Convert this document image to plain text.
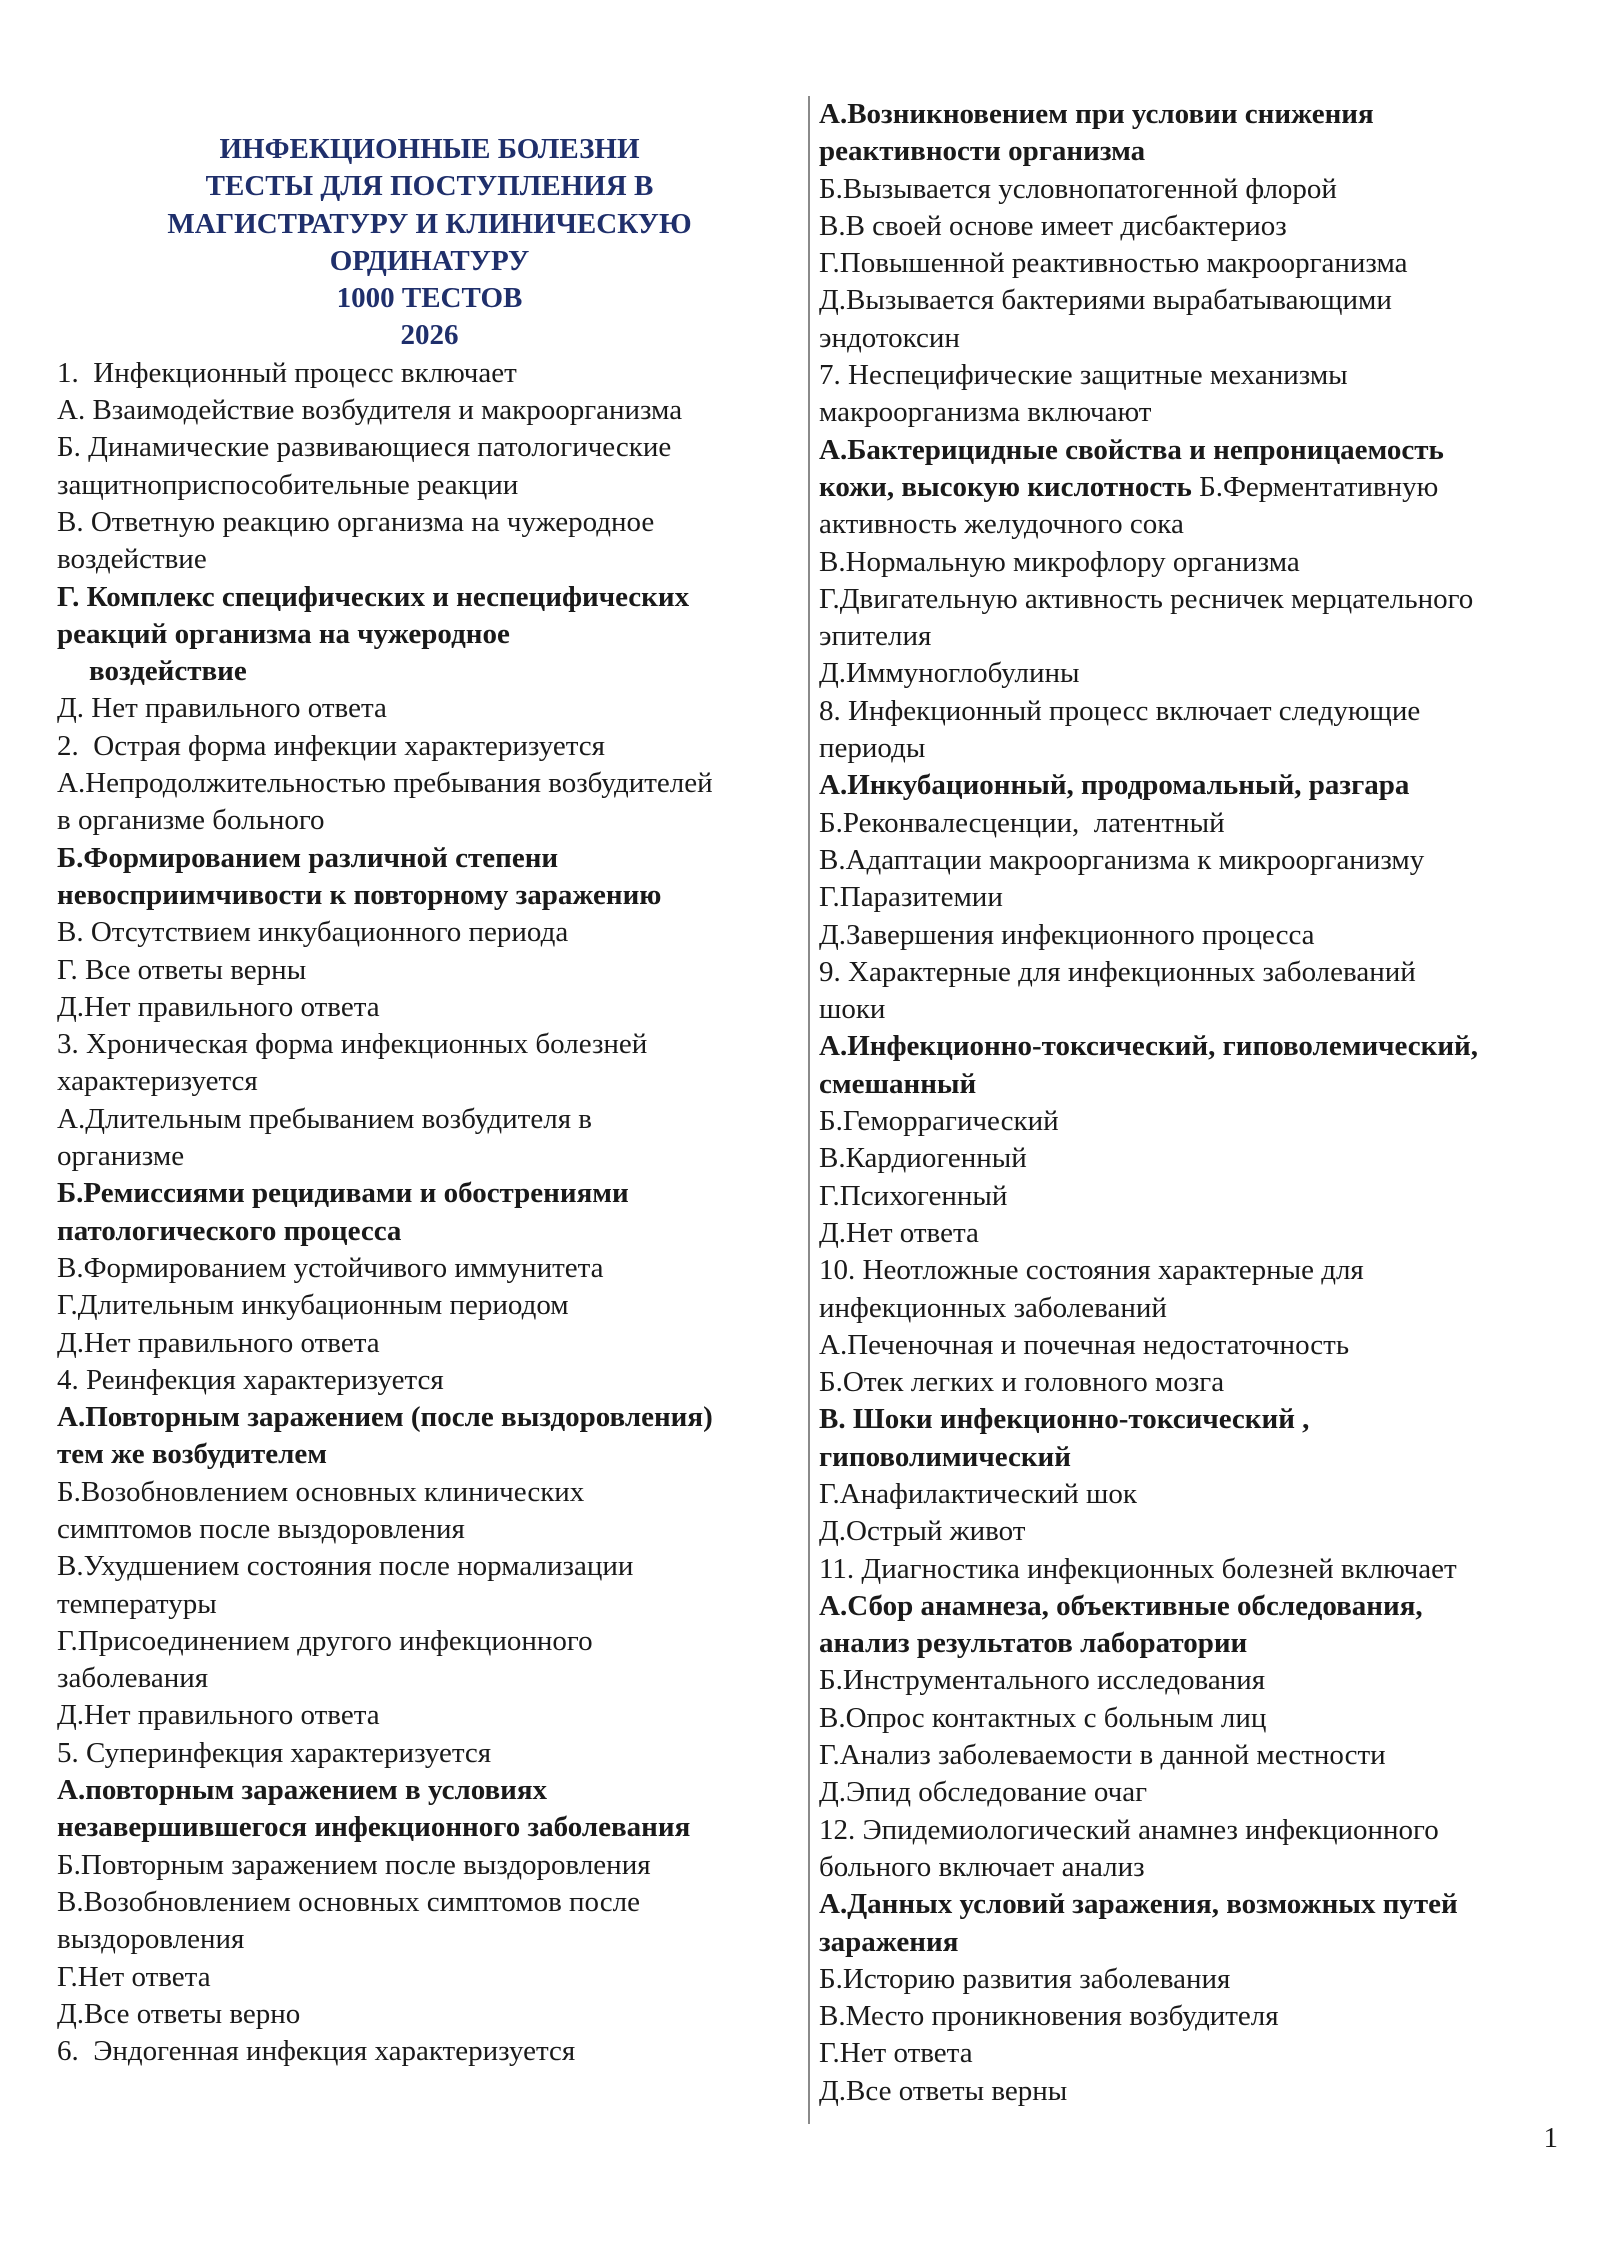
ИНФЕКЦИОННЫЕ БОЛЕЗНИ
ТЕСТЫ ДЛЯ ПОСТУПЛЕНИЯ В
МАГИСТРАТУРУ И КЛИНИЧЕСКУЮ
ОРДИНАТУРУ
1000 ТЕСТОВ
2026
1.  Инфекционный процесс включает
А. Взаимодействие возбудителя и макроорганизма
Б. Динамические развивающиеся патологические
защитноприспособительные реакции
В. Ответную реакцию организма на чужеродное
воздействие
Г. Комплекс специфических и неспецифических
реакций организма на чужеродное
воздействие
Д. Нет правильного ответа
2.  Острая форма инфекции характеризуется
А.Непродолжительностью пребывания возбудителей
в организме больного
Б.Формированием различной степени
невосприимчивости к повторному заражению
В. Отсутствием инкубационного периода
Г. Все ответы верны
Д.Нет правильного ответа
3. Хроническая форма инфекционных болезней
характеризуется
А.Длительным пребыванием возбудителя в
организме
Б.Ремиссиями рецидивами и обострениями
патологического процесса
В.Формированием устойчивого иммунитета
Г.Длительным инкубационным периодом
Д.Нет правильного ответа
4. Реинфекция характеризуется
А.Повторным заражением (после выздоровления)
тем же возбудителем
Б.Возобновлением основных клинических
симптомов после выздоровления
В.Ухудшением состояния после нормализации
температуры
Г.Присоединением другого инфекционного
заболевания
Д.Нет правильного ответа
5. Суперинфекция характеризуется
А.повторным заражением в условиях
незавершившегося инфекционного заболевания
Б.Повторным заражением после выздоровления
В.Возобновлением основных симптомов после
выздоровления
Г.Нет ответа
Д.Все ответы верно
6.  Эндогенная инфекция характеризуется
А.Возникновением при условии снижения
реактивности организма
Б.Вызывается условнопатогенной флорой
В.В своей основе имеет дисбактериоз
Г.Повышенной реактивностью макроорганизма
Д.Вызывается бактериями вырабатывающими
эндотоксин
7. Неспецифические защитные механизмы
макроорганизма включают
А.Бактерицидные свойства и непроницаемость
кожи, высокую кислотность Б.Ферментативную
активность желудочного сока
В.Нормальную микрофлору организма
Г.Двигательную активность ресничек мерцательного
эпителия
Д.Иммуноглобулины
8. Инфекционный процесс включает следующие
периоды
А.Инкубационный, продромальный, разгара
Б.Реконвалесценции,  латентный
В.Адаптации макроорганизма к микроорганизму
Г.Паразитемии
Д.Завершения инфекционного процесса
9. Характерные для инфекционных заболеваний
шоки
А.Инфекционно-токсический, гиповолемический,
смешанный
Б.Геморрагический
В.Кардиогенный
Г.Психогенный
Д.Нет ответа
10. Неотложные состояния характерные для
инфекционных заболеваний
А.Печеночная и почечная недостаточность
Б.Отек легких и головного мозга
В. Шоки инфекционно-токсический ,
гиповолимический
Г.Анафилактический шок
Д.Острый живот
11. Диагностика инфекционных болезней включает
А.Сбор анамнеза, объективные обследования,
анализ результатов лаборатории
Б.Инструментального исследования
В.Опрос контактных с больным лиц
Г.Анализ заболеваемости в данной местности
Д.Эпид обследование очаг
12. Эпидемиологический анамнез инфекционного
больного включает анализ
А.Данных условий заражения, возможных путей
заражения
Б.Историю развития заболевания
В.Место проникновения возбудителя
Г.Нет ответа
Д.Все ответы верны
1
